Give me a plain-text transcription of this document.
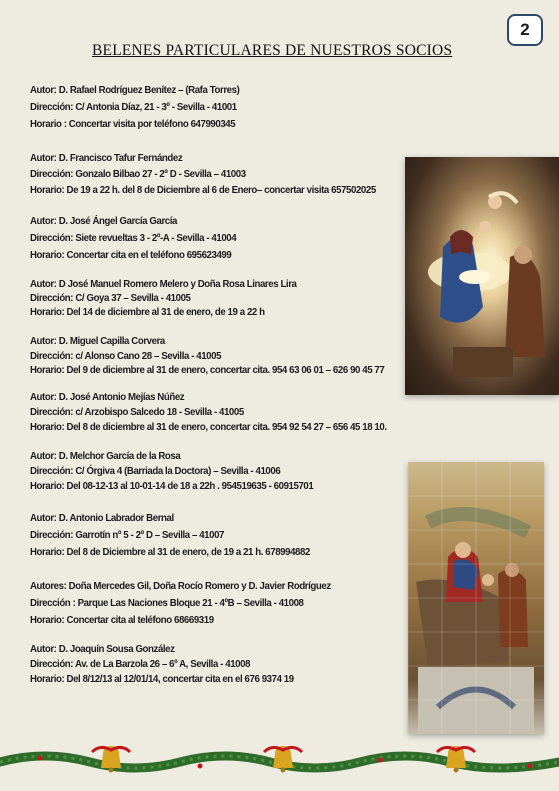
2
BELENES PARTICULARES DE NUESTROS SOCIOS
Autor: D. Rafael Rodríguez Benítez – (Rafa Torres)
Dirección: C/ Antonia Díaz, 21 - 3º - Sevilla - 41001
Horario : Concertar visita por teléfono 647990345
Autor: D. Francisco Tafur Fernández
Dirección: Gonzalo Bilbao 27 - 2º D - Sevilla – 41003
Horario: De 19 a 22 h. del 8 de Diciembre al 6 de Enero– concertar visita 657502025
Autor: D. José Ángel García García
Dirección: Siete revueltas 3 - 2º-A - Sevilla - 41004
Horario: Concertar cita en el teléfono 695623499
Autor: D José Manuel Romero Melero y Doña Rosa Linares Lira
Dirección: C/ Goya 37 – Sevilla - 41005
Horario: Del 14 de diciembre al 31 de enero, de 19 a 22 h
Autor: D. Miguel Capilla Corvera
Dirección: c/ Alonso Cano 28 – Sevilla - 41005
Horario: Del 9 de diciembre al 31 de enero, concertar cita. 954 63 06 01 – 626 90 45 77
Autor: D. José Antonio Mejías Núñez
Dirección: c/ Arzobispo Salcedo 18 - Sevilla - 41005
Horario: Del 8 de diciembre al 31 de enero, concertar cita. 954 92 54 27 – 656 45 18 10.
Autor: D. Melchor García de la Rosa
Dirección: C/ Órgiva 4 (Barriada la Doctora) – Sevilla - 41006
Horario: Del 08-12-13 al 10-01-14 de 18 a 22h . 954519635 - 60915701
Autor: D. Antonio Labrador Bernal
Dirección: Garrotín nº 5 - 2º D – Sevilla – 41007
Horario: Del 8 de Diciembre al 31 de enero, de 19 a 21 h. 678994882
Autores: Doña Mercedes Gil, Doña Rocío Romero y D. Javier Rodríguez
Dirección : Parque Las Naciones Bloque 21 - 4ºB – Sevilla - 41008
Horario: Concertar cita al teléfono 68669319
Autor: D. Joaquín Sousa González
Dirección: Av. de La Barzola 26 – 6º A, Sevilla - 41008
Horario: Del 8/12/13 al 12/01/14, concertar cita en el 676 9374 19
